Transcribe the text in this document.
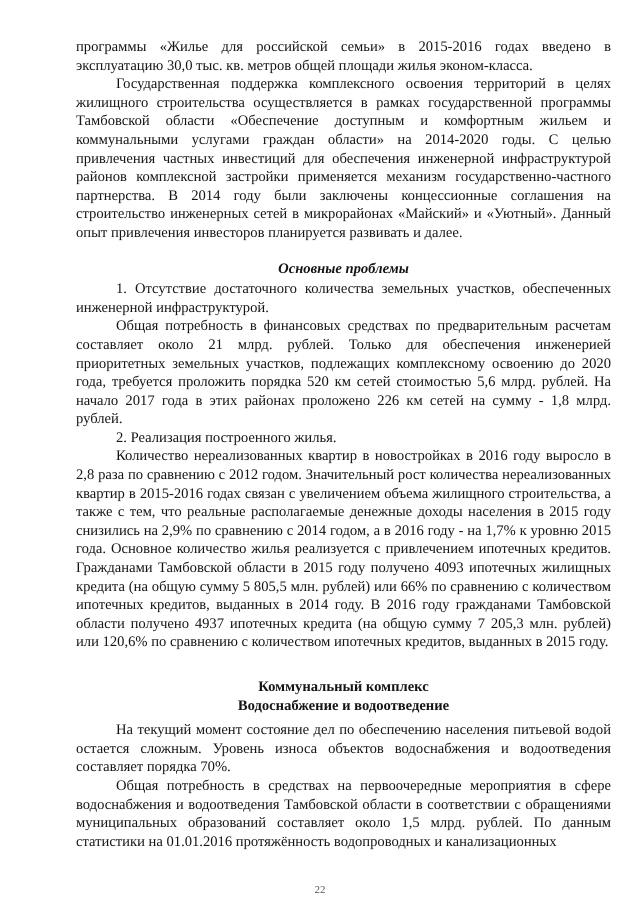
программы «Жилье для российской семьи» в 2015-2016 годах введено в эксплуатацию 30,0 тыс. кв. метров общей площади жилья эконом-класса.

Государственная поддержка комплексного освоения территорий в целях жилищного строительства осуществляется в рамках государственной программы Тамбовской области «Обеспечение доступным и комфортным жильем и коммунальными услугами граждан области» на 2014-2020 годы. С целью привлечения частных инвестиций для обеспечения инженерной инфраструктурой районов комплексной застройки применяется механизм государственно-частного партнерства. В 2014 году были заключены концессионные соглашения на строительство инженерных сетей в микрорайонах «Майский» и «Уютный». Данный опыт привлечения инвесторов планируется развивать и далее.

Основные проблемы

1. Отсутствие достаточного количества земельных участков, обеспеченных инженерной инфраструктурой.

Общая потребность в финансовых средствах по предварительным расчетам составляет около 21 млрд. рублей. Только для обеспечения инженерией приоритетных земельных участков, подлежащих комплексному освоению до 2020 года, требуется проложить порядка 520 км сетей стоимостью 5,6 млрд. рублей. На начало 2017 года в этих районах проложено 226 км сетей на сумму - 1,8 млрд. рублей.

2. Реализация построенного жилья.

Количество нереализованных квартир в новостройках в 2016 году выросло в 2,8 раза по сравнению с 2012 годом. Значительный рост количества нереализованных квартир в 2015-2016 годах связан с увеличением объема жилищного строительства, а также с тем, что реальные располагаемые денежные доходы населения в 2015 году снизились на 2,9% по сравнению с 2014 годом, а в 2016 году - на 1,7% к уровню 2015 года. Основное количество жилья реализуется с привлечением ипотечных кредитов. Гражданами Тамбовской области в 2015 году получено 4093 ипотечных жилищных кредита (на общую сумму 5 805,5 млн. рублей) или 66% по сравнению с количеством ипотечных кредитов, выданных в 2014 году. В 2016 году гражданами Тамбовской области получено 4937 ипотечных кредита (на общую сумму 7 205,3 млн. рублей) или 120,6% по сравнению с количеством ипотечных кредитов, выданных в 2015 году.

Коммунальный комплекс

Водоснабжение и водоотведение

На текущий момент состояние дел по обеспечению населения питьевой водой остается сложным. Уровень износа объектов водоснабжения и водоотведения составляет порядка 70%.

Общая потребность в средствах на первоочередные мероприятия в сфере водоснабжения и водоотведения Тамбовской области в соответствии с обращениями муниципальных образований составляет около 1,5 млрд. рублей. По данным статистики на 01.01.2016 протяжённость водопроводных и канализационных

22
